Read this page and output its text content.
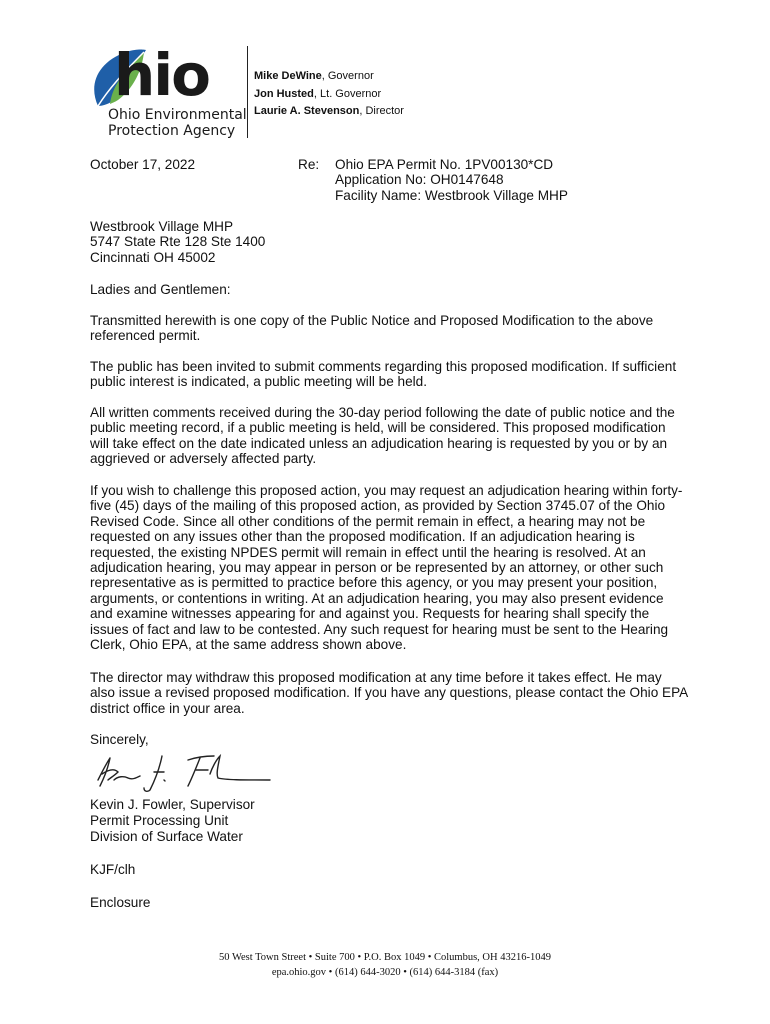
hio
Ohio Environmental
Protection Agency
Mike DeWine, Governor
Jon Husted, Lt. Governor
Laurie A. Stevenson, Director
October 17, 2022	Re: Ohio EPA Permit No. 1PV00130*CD
Application No: OH0147648
Facility Name: Westbrook Village MHP
Westbrook Village MHP
5747 State Rte 128 Ste 1400
Cincinnati OH 45002
Ladies and Gentlemen:
Transmitted herewith is one copy of the Public Notice and Proposed Modification to the above referenced permit.
The public has been invited to submit comments regarding this proposed modification. If sufficient public interest is indicated, a public meeting will be held.
All written comments received during the 30-day period following the date of public notice and the public meeting record, if a public meeting is held, will be considered. This proposed modification will take effect on the date indicated unless an adjudication hearing is requested by you or by an aggrieved or adversely affected party.
If you wish to challenge this proposed action, you may request an adjudication hearing within forty-five (45) days of the mailing of this proposed action, as provided by Section 3745.07 of the Ohio Revised Code. Since all other conditions of the permit remain in effect, a hearing may not be requested on any issues other than the proposed modification. If an adjudication hearing is requested, the existing NPDES permit will remain in effect until the hearing is resolved. At an adjudication hearing, you may appear in person or be represented by an attorney, or other such representative as is permitted to practice before this agency, or you may present your position, arguments, or contentions in writing. At an adjudication hearing, you may also present evidence and examine witnesses appearing for and against you. Requests for hearing shall specify the issues of fact and law to be contested. Any such request for hearing must be sent to the Hearing Clerk, Ohio EPA, at the same address shown above.
The director may withdraw this proposed modification at any time before it takes effect. He may also issue a revised proposed modification. If you have any questions, please contact the Ohio EPA district office in your area.
Sincerely,
Kevin J. Fowler, Supervisor
Permit Processing Unit
Division of Surface Water
KJF/clh
Enclosure
50 West Town Street • Suite 700 • P.O. Box 1049 • Columbus, OH 43216-1049
epa.ohio.gov • (614) 644-3020 • (614) 644-3184 (fax)
